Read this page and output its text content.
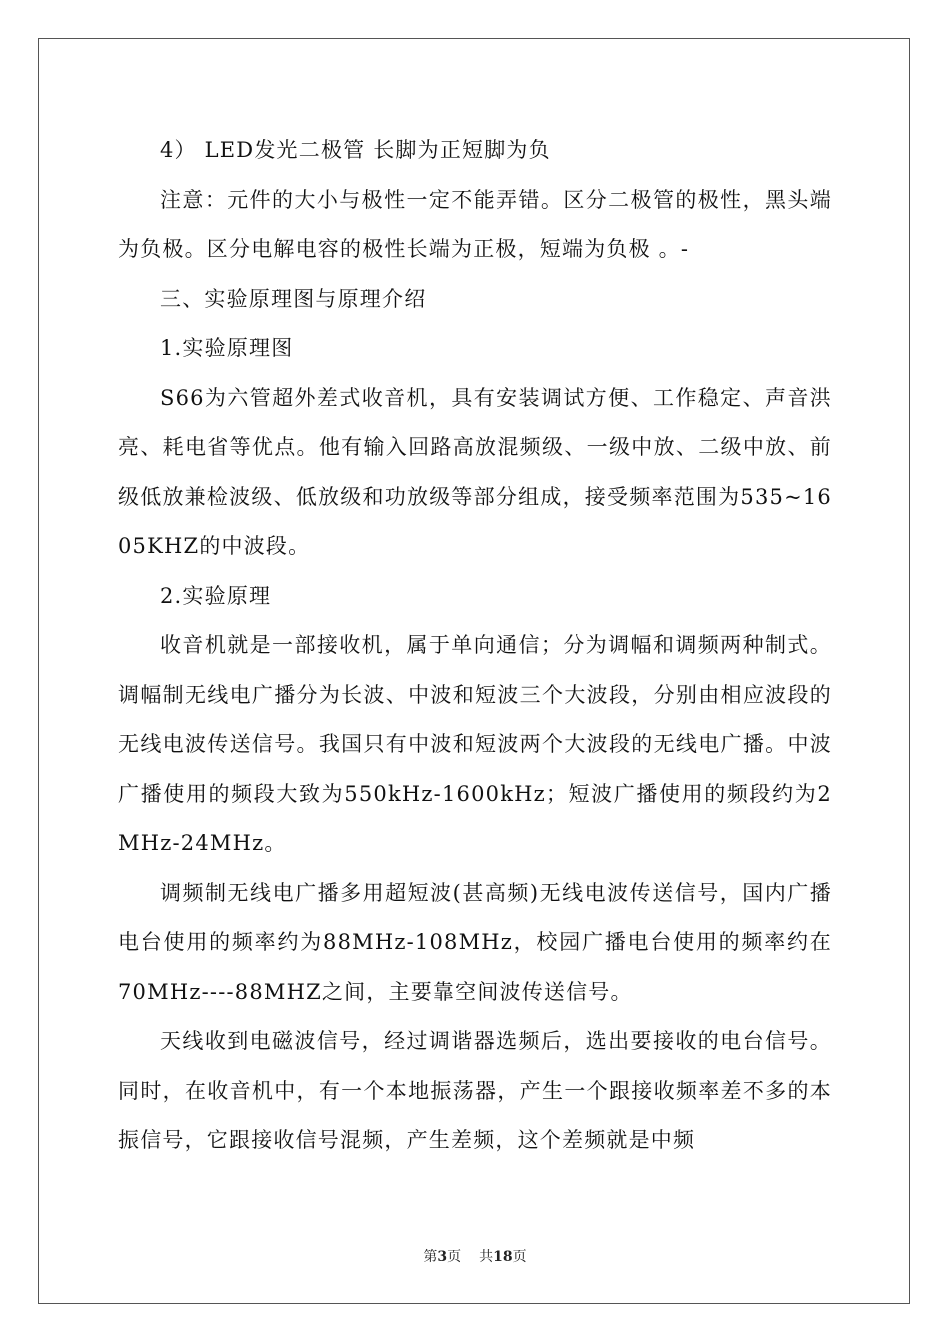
4） LED发光二极管 长脚为正短脚为负

注意：元件的大小与极性一定不能弄错。区分二极管的极性，黑头端为负极。区分电解电容的极性长端为正极，短端为负极 。-

三、实验原理图与原理介绍

1.实验原理图

S66为六管超外差式收音机，具有安装调试方便、工作稳定、声音洪亮、耗电省等优点。他有输入回路高放混频级、一级中放、二级中放、前级低放兼检波级、低放级和功放级等部分组成，接受频率范围为535~1605KHZ的中波段。

2.实验原理

收音机就是一部接收机，属于单向通信；分为调幅和调频两种制式。调幅制无线电广播分为长波、中波和短波三个大波段，分别由相应波段的无线电波传送信号。我国只有中波和短波两个大波段的无线电广播。中波广播使用的频段大致为550kHz-1600kHz；短波广播使用的频段约为2MHz-24MHz。

调频制无线电广播多用超短波(甚高频)无线电波传送信号，国内广播电台使用的频率约为88MHz-108MHz，校园广播电台使用的频率约在70MHz----88MHZ之间，主要靠空间波传送信号。

天线收到电磁波信号，经过调谐器选频后，选出要接收的电台信号。同时，在收音机中，有一个本地振荡器，产生一个跟接收频率差不多的本振信号，它跟接收信号混频，产生差频，这个差频就是中频

第3页 共18页
